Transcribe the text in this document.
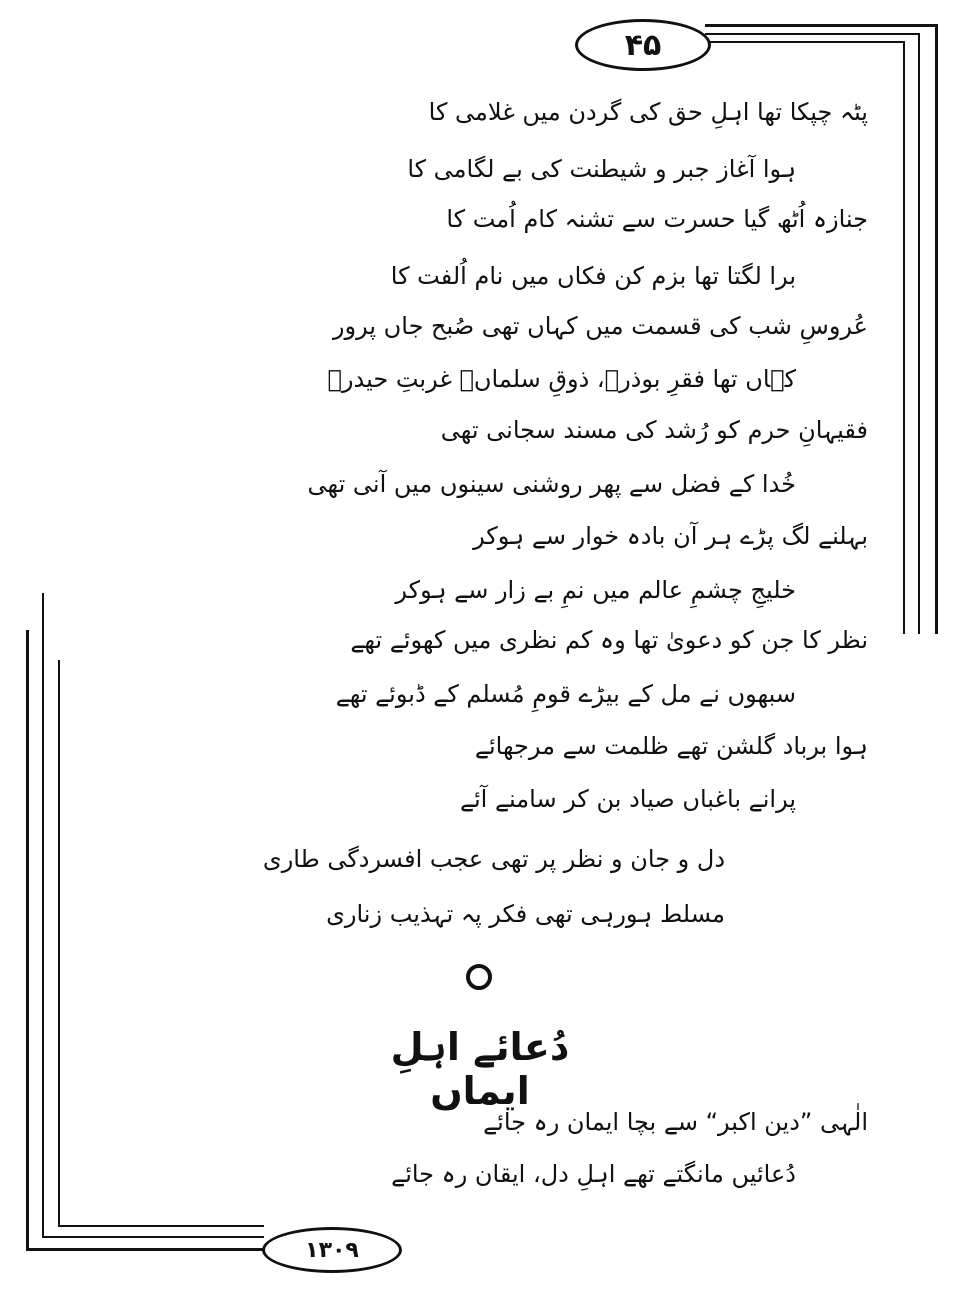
۴۵
۱۳۰۹
پٹہ چپکا تھا اہلِ حق کی گردن میں غلامی کا
ہوا آغاز جبر و شیطنت کی بے لگامی کا
جنازہ اُٹھ گیا حسرت سے تشنہ کام اُمت کا
برا لگتا تھا بزم کن فکاں میں نام اُلفت کا
عُروسِ شب کی قسمت میں کہاں تھی صُبح جاں پرور
کہاں تھا فقرِ بوذرؓ، ذوقِ سلماںؓ غربتِ حیدرؓ
فقیہانِ حرم کو رُشد کی مسند سجانی تھی
خُدا کے فضل سے پھر روشنی سینوں میں آنی تھی
بہلنے لگ پڑے ہر آن بادہ خوار سے ہوکر
خلیجِ چشمِ عالم میں نمِ بے زار سے ہوکر
نظر کا جن کو دعویٰ تھا وہ کم نظری میں کھوئے تھے
سبھوں نے مل کے بیڑے قومِ مُسلم کے ڈبوئے تھے
ہوا برباد گلشن تھے ظلمت سے مرجھائے
پرانے باغباں صیاد بن کر سامنے آئے
دل و جان و نظر پر تھی عجب افسردگی طاری
مسلط ہورہی تھی فکر پہ تہذیب زناری
دُعائے اہلِ ایماں
الٰہی ”دین اکبر“ سے بچا ایمان رہ جائے
دُعائیں مانگتے تھے اہلِ دل، ایقان رہ جائے
